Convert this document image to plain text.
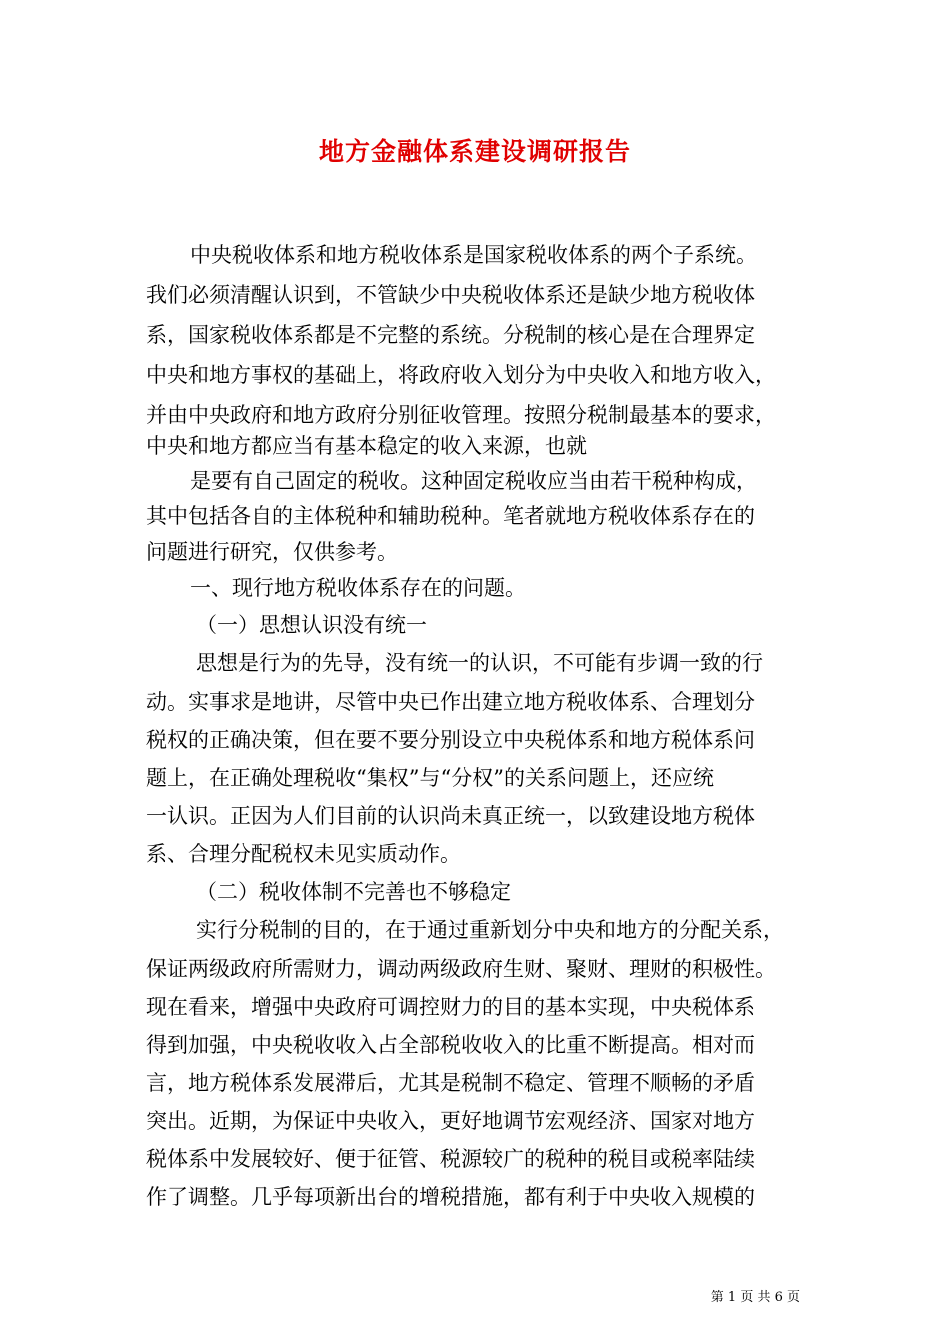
地方金融体系建设调研报告

中央税收体系和地方税收体系是国家税收体系的两个子系统。

我们必须清醒认识到，不管缺少中央税收体系还是缺少地方税收体

系，国家税收体系都是不完整的系统。分税制的核心是在合理界定

中央和地方事权的基础上，将政府收入划分为中央收入和地方收入，

并由中央政府和地方政府分别征收管理。按照分税制最基本的要求，

中央和地方都应当有基本稳定的收入来源，也就

是要有自己固定的税收。这种固定税收应当由若干税种构成，

其中包括各自的主体税种和辅助税种。笔者就地方税收体系存在的

问题进行研究，仅供参考。

一、现行地方税收体系存在的问题。

（一）思想认识没有统一

思想是行为的先导，没有统一的认识，不可能有步调一致的行

动。实事求是地讲，尽管中央已作出建立地方税收体系、合理划分

税权的正确决策，但在要不要分别设立中央税体系和地方税体系问

题上，在正确处理税收“集权”与“分权”的关系问题上，还应统

一认识。正因为人们目前的认识尚未真正统一，以致建设地方税体

系、合理分配税权未见实质动作。

（二）税收体制不完善也不够稳定

实行分税制的目的，在于通过重新划分中央和地方的分配关系，

保证两级政府所需财力，调动两级政府生财、聚财、理财的积极性。

现在看来，增强中央政府可调控财力的目的基本实现，中央税体系

得到加强，中央税收收入占全部税收收入的比重不断提高。相对而

言，地方税体系发展滞后，尤其是税制不稳定、管理不顺畅的矛盾

突出。近期，为保证中央收入，更好地调节宏观经济、国家对地方

税体系中发展较好、便于征管、税源较广的税种的税目或税率陆续

作了调整。几乎每项新出台的增税措施，都有利于中央收入规模的

第 1 页 共 6 页
